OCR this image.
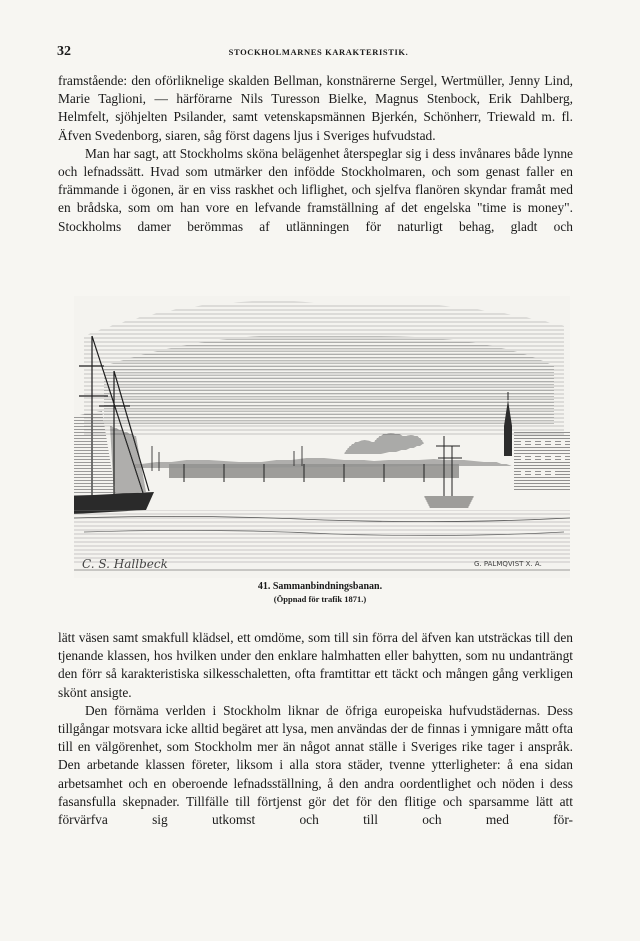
32	STOCKHOLMARNES KARAKTERISTIK.

framstående: den oförliknelige skalden Bellman, konstnärerne Sergel, Wertmüller, Jenny Lind, Marie Taglioni, — härförarne Nils Turesson Bielke, Magnus Stenbock, Erik Dahlberg, Helmfelt, sjöhjelten Psilander, samt vetenskapsmännen Bjerkén, Schönherr, Triewald m. fl. Äfven Svedenborg, siaren, såg först dagens ljus i Sveriges hufvudstad.

Man har sagt, att Stockholms sköna belägenhet återspeglar sig i dess invånares både lynne och lefnadssätt. Hvad som utmärker den infödde Stockholmaren, och som genast faller en främmande i ögonen, är en viss raskhet och liflighet, och sjelfva flanören skyndar framåt med en brådska, som om han vore en lefvande framställning af det engelska "time is money". Stockholms damer berömmas af utlänningen för naturligt behag, gladt och

C. S. Hallbeck	G. PALMQVIST X. A.
41. Sammanbindningsbanan.
(Öppnad för trafik 1871.)

lätt väsen samt smakfull klädsel, ett omdöme, som till sin förra del äfven kan utsträckas till den tjenande klassen, hos hvilken under den enklare halmhatten eller bahytten, som nu undanträngt den förr så karakteristiska silkesschaletten, ofta framtittar ett täckt och mången gång verkligen skönt ansigte.

Den förnäma verlden i Stockholm liknar de öfriga europeiska hufvudstädernas. Dess tillgångar motsvara icke alltid begäret att lysa, men användas der de finnas i ymnigare mått ofta till en välgörenhet, som Stockholm mer än något annat ställe i Sveriges rike tager i anspråk. Den arbetande klassen företer, liksom i alla stora städer, tvenne ytterligheter: å ena sidan arbetsamhet och en oberoende lefnadsställning, å den andra oordentlighet och nöden i dess fasansfulla skepnader. Tillfälle till förtjenst gör det för den flitige och sparsamme lätt att förvärfva sig utkomst och till och med för-
